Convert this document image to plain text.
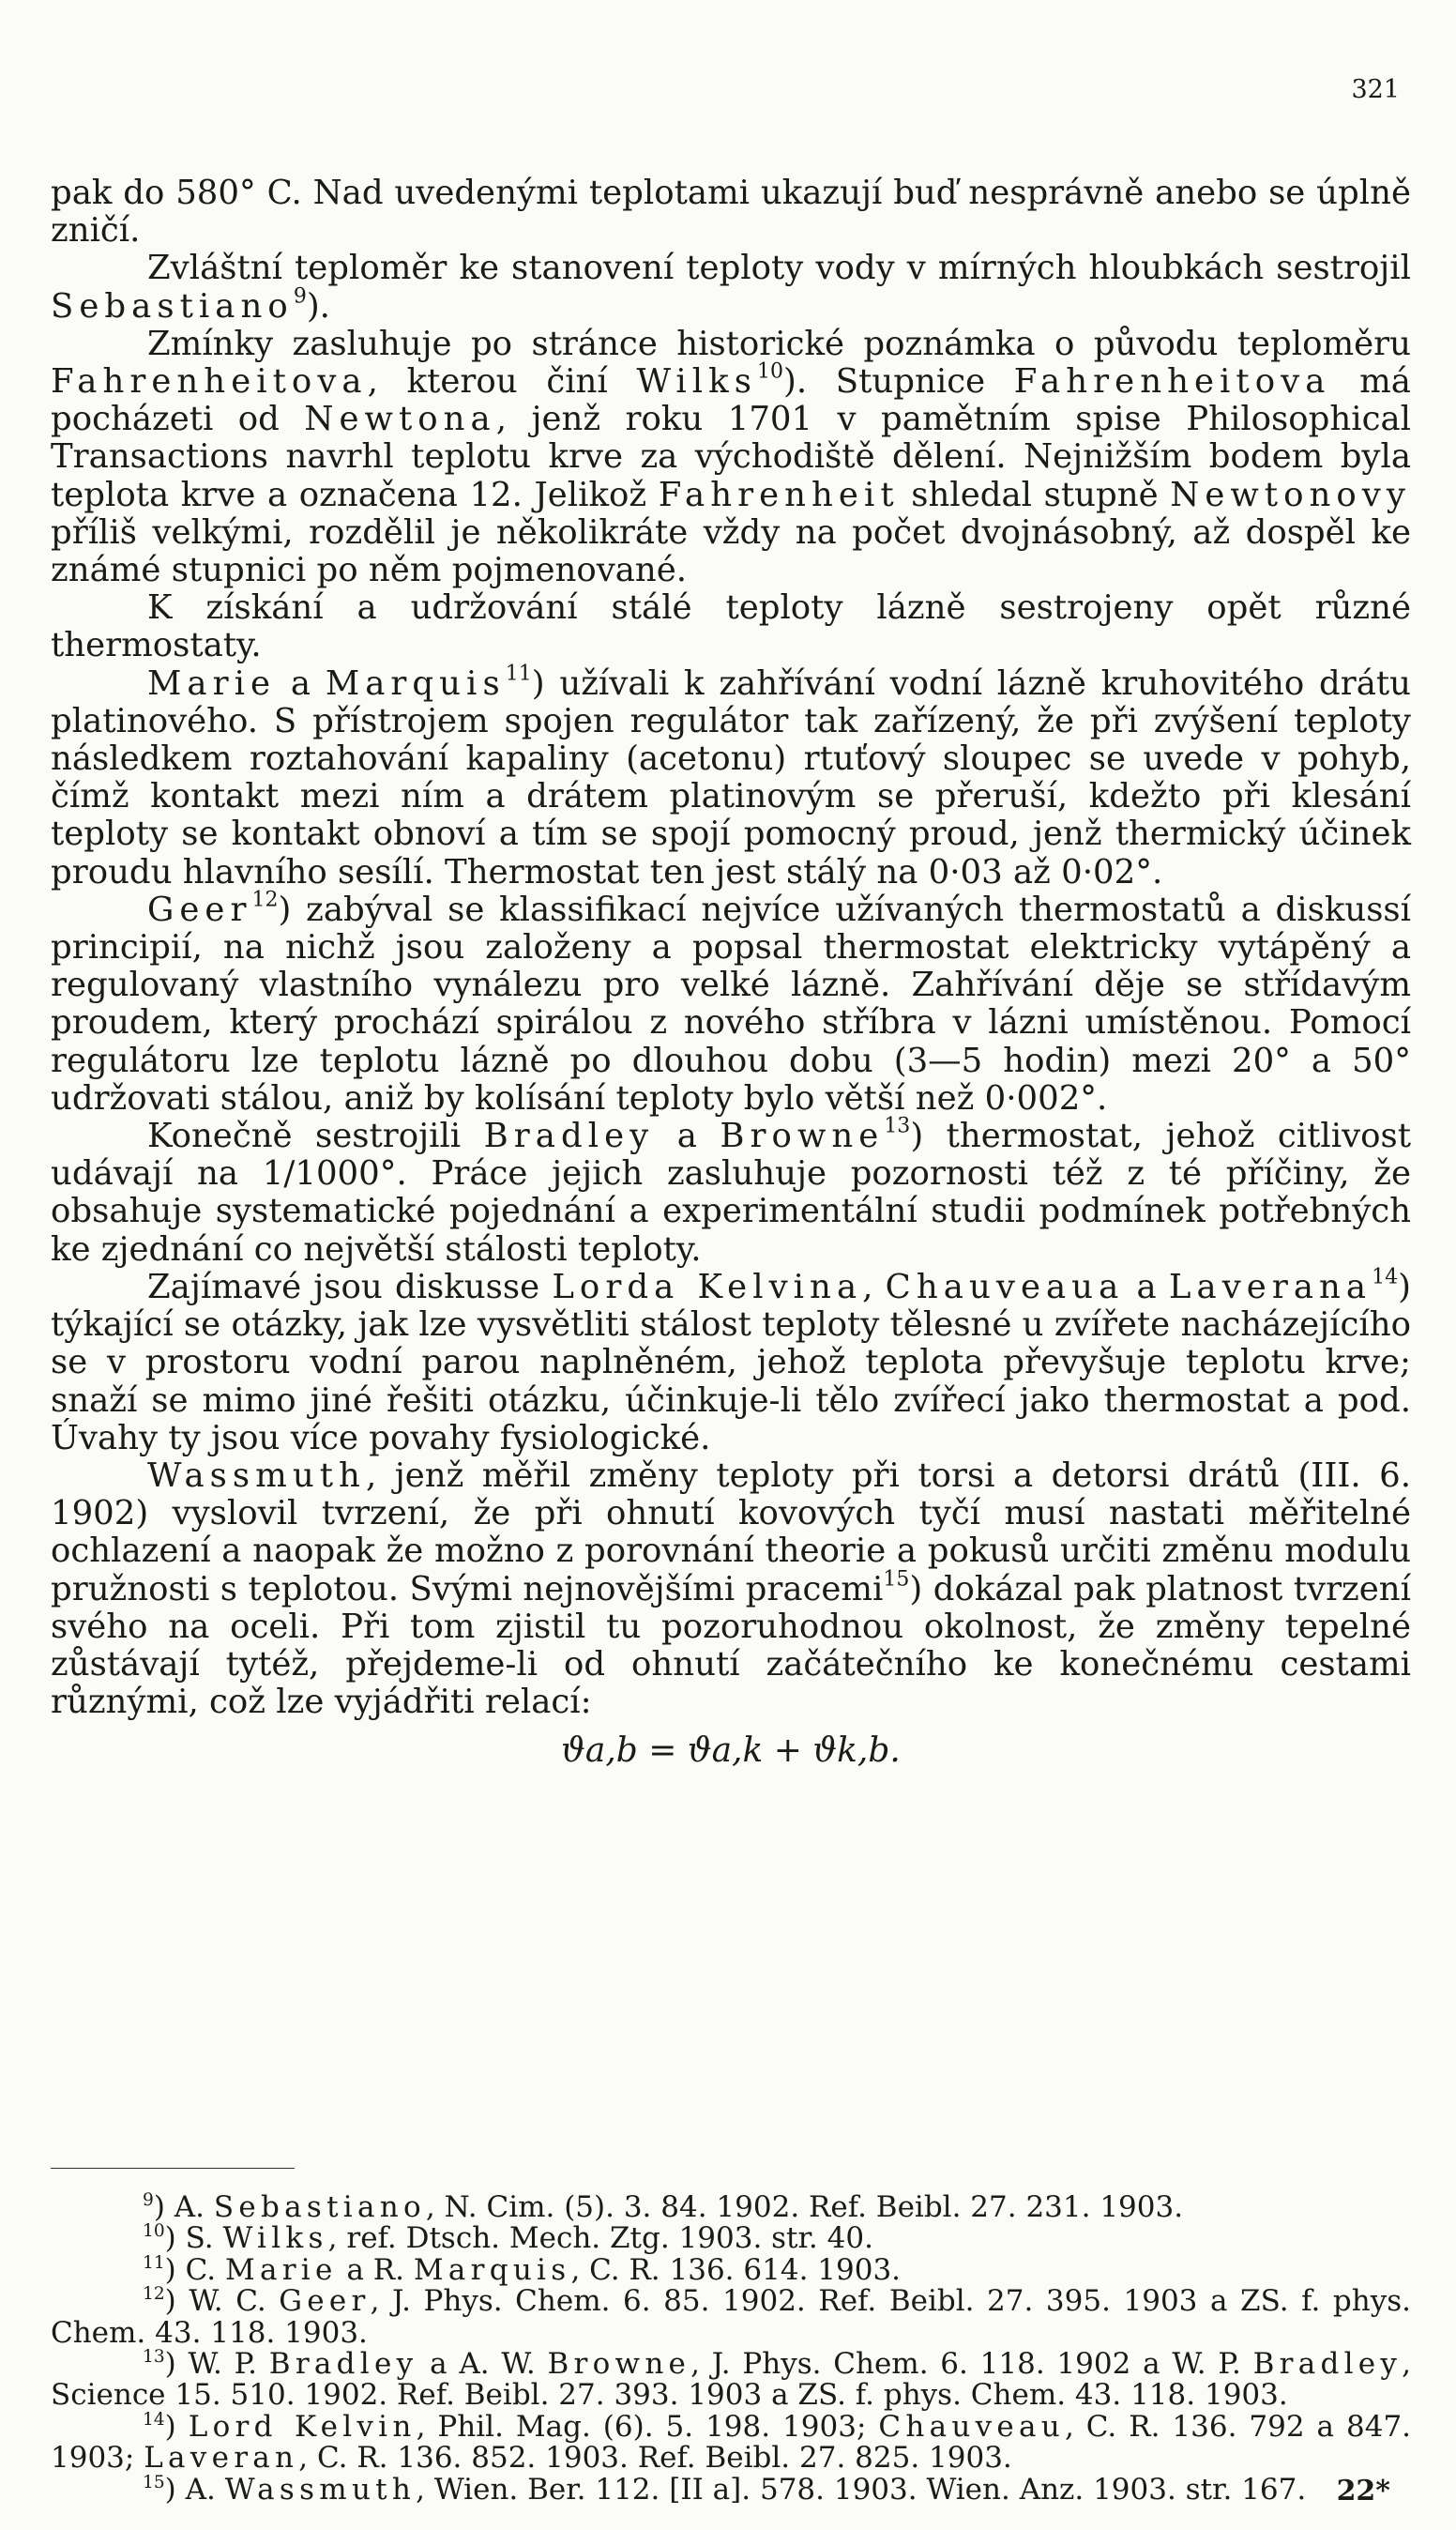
321

pak do 580° C. Nad uvedenými teplotami ukazují buď nesprávně anebo se úplně zničí.

Zvláštní teploměr ke stanovení teploty vody v mírných hloubkách sestrojil Sebastiano$^9$).

Zmínky zasluhuje po stránce historické poznámka o původu teploměru Fahrenheitova, kterou činí Wilks$^{10}$). Stupnice Fahrenheitova má pocházeti od Newtona, jenž roku 1701 v pamětním spise Philosophical Transactions navrhl teplotu krve za východiště dělení. Nejnižším bodem byla teplota krve a označena 12. Jelikož Fahrenheit shledal stupně Newtonovy příliš velkými, rozdělil je několikráte vždy na počet dvojnásobný, až dospěl ke známé stupnici po něm pojmenované.

K získání a udržování stálé teploty lázně sestrojeny opět různé thermostaty.

Marie a Marquis$^{11}$) užívali k zahřívání vodní lázně kruhovitého drátu platinového. S přístrojem spojen regulátor tak zařízený, že při zvýšení teploty následkem roztahování kapaliny (acetonu) rtuťový sloupec se uvede v pohyb, čímž kontakt mezi ním a drátem platinovým se přeruší, kdežto při klesání teploty se kontakt obnoví a tím se spojí pomocný proud, jenž thermický účinek proudu hlavního sesílí. Thermostat ten jest stálý na 0·03 až 0·02°.

Geer$^{12}$) zabýval se klassifikací nejvíce užívaných thermostatů a diskussí principií, na nichž jsou založeny a popsal thermostat elektricky vytápěný a regulovaný vlastního vynálezu pro velké lázně. Zahřívání děje se střídavým proudem, který prochází spirálou z nového stříbra v lázni umístěnou. Pomocí regulátoru lze teplotu lázně po dlouhou dobu (3—5 hodin) mezi 20° a 50° udržovati stálou, aniž by kolísání teploty bylo větší než 0·002°.

Konečně sestrojili Bradley a Browne$^{13}$) thermostat, jehož citlivost udávají na 1/1000°. Práce jejich zasluhuje pozornosti též z té příčiny, že obsahuje systematické pojednání a experimentální studii podmínek potřebných ke zjednání co největší stálosti teploty.

Zajímavé jsou diskusse Lorda Kelvina, Chauveaua a Laverana$^{14}$) týkající se otázky, jak lze vysvětliti stálost teploty tělesné u zvířete nacházejícího se v prostoru vodní parou naplněném, jehož teplota převyšuje teplotu krve; snaží se mimo jiné řešiti otázku, účinkuje-li tělo zvířecí jako thermostat a pod. Úvahy ty jsou více povahy fysiologické.

Wassmuth, jenž měřil změny teploty při torsi a detorsi drátů (III. 6. 1902) vyslovil tvrzení, že při ohnutí kovových tyčí musí nastati měřitelné ochlazení a naopak že možno z porovnání theorie a pokusů určiti změnu modulu pružnosti s teplotou. Svými nejnovějšími pracemi$^{15}$) dokázal pak platnost tvrzení svého na oceli. Při tom zjistil tu pozoruhodnou okolnost, že změny tepelné zůstávají tytéž, přejdeme-li od ohnutí začátečního ke konečnému cestami různými, což lze vyjádřiti relací:

ϑa,b = ϑa,k + ϑk,b.

$^9$) A. Sebastiano, N. Cim. (5). 3. 84. 1902. Ref. Beibl. 27. 231. 1903.

$^{10}$) S. Wilks, ref. Dtsch. Mech. Ztg. 1903. str. 40.

$^{11}$) C. Marie a R. Marquis, C. R. 136. 614. 1903.

$^{12}$) W. C. Geer, J. Phys. Chem. 6. 85. 1902. Ref. Beibl. 27. 395. 1903 a ZS. f. phys. Chem. 43. 118. 1903.

$^{13}$) W. P. Bradley a A. W. Browne, J. Phys. Chem. 6. 118. 1902 a W. P. Bradley, Science 15. 510. 1902. Ref. Beibl. 27. 393. 1903 a ZS. f. phys. Chem. 43. 118. 1903.

$^{14}$) Lord Kelvin, Phil. Mag. (6). 5. 198. 1903; Chauveau, C. R. 136. 792 a 847. 1903; Laveran, C. R. 136. 852. 1903. Ref. Beibl. 27. 825. 1903.

$^{15}$) A. Wassmuth, Wien. Ber. 112. [II a]. 578. 1903. Wien. Anz. 1903. str. 167.	22*
